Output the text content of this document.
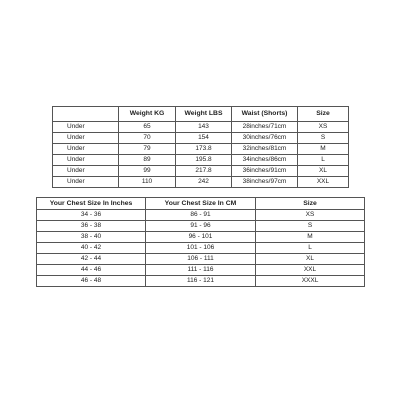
	Weight KG	Weight LBS	Waist (Shorts)	Size
Under	65	143	28inches/71cm	XS
Under	70	154	30inches/76cm	S
Under	79	173.8	32inches/81cm	M
Under	89	195.8	34inches/86cm	L
Under	99	217.8	36inches/91cm	XL
Under	110	242	38inches/97cm	XXL
Your Chest Size In Inches	Your Chest Size In CM	Size
34 - 36	86 - 91	XS
36 - 38	91 - 96	S
38 - 40	96 - 101	M
40 - 42	101 - 106	L
42 - 44	106 - 111	XL
44 - 46	111 - 116	XXL
46 - 48	116 - 121	XXXL
